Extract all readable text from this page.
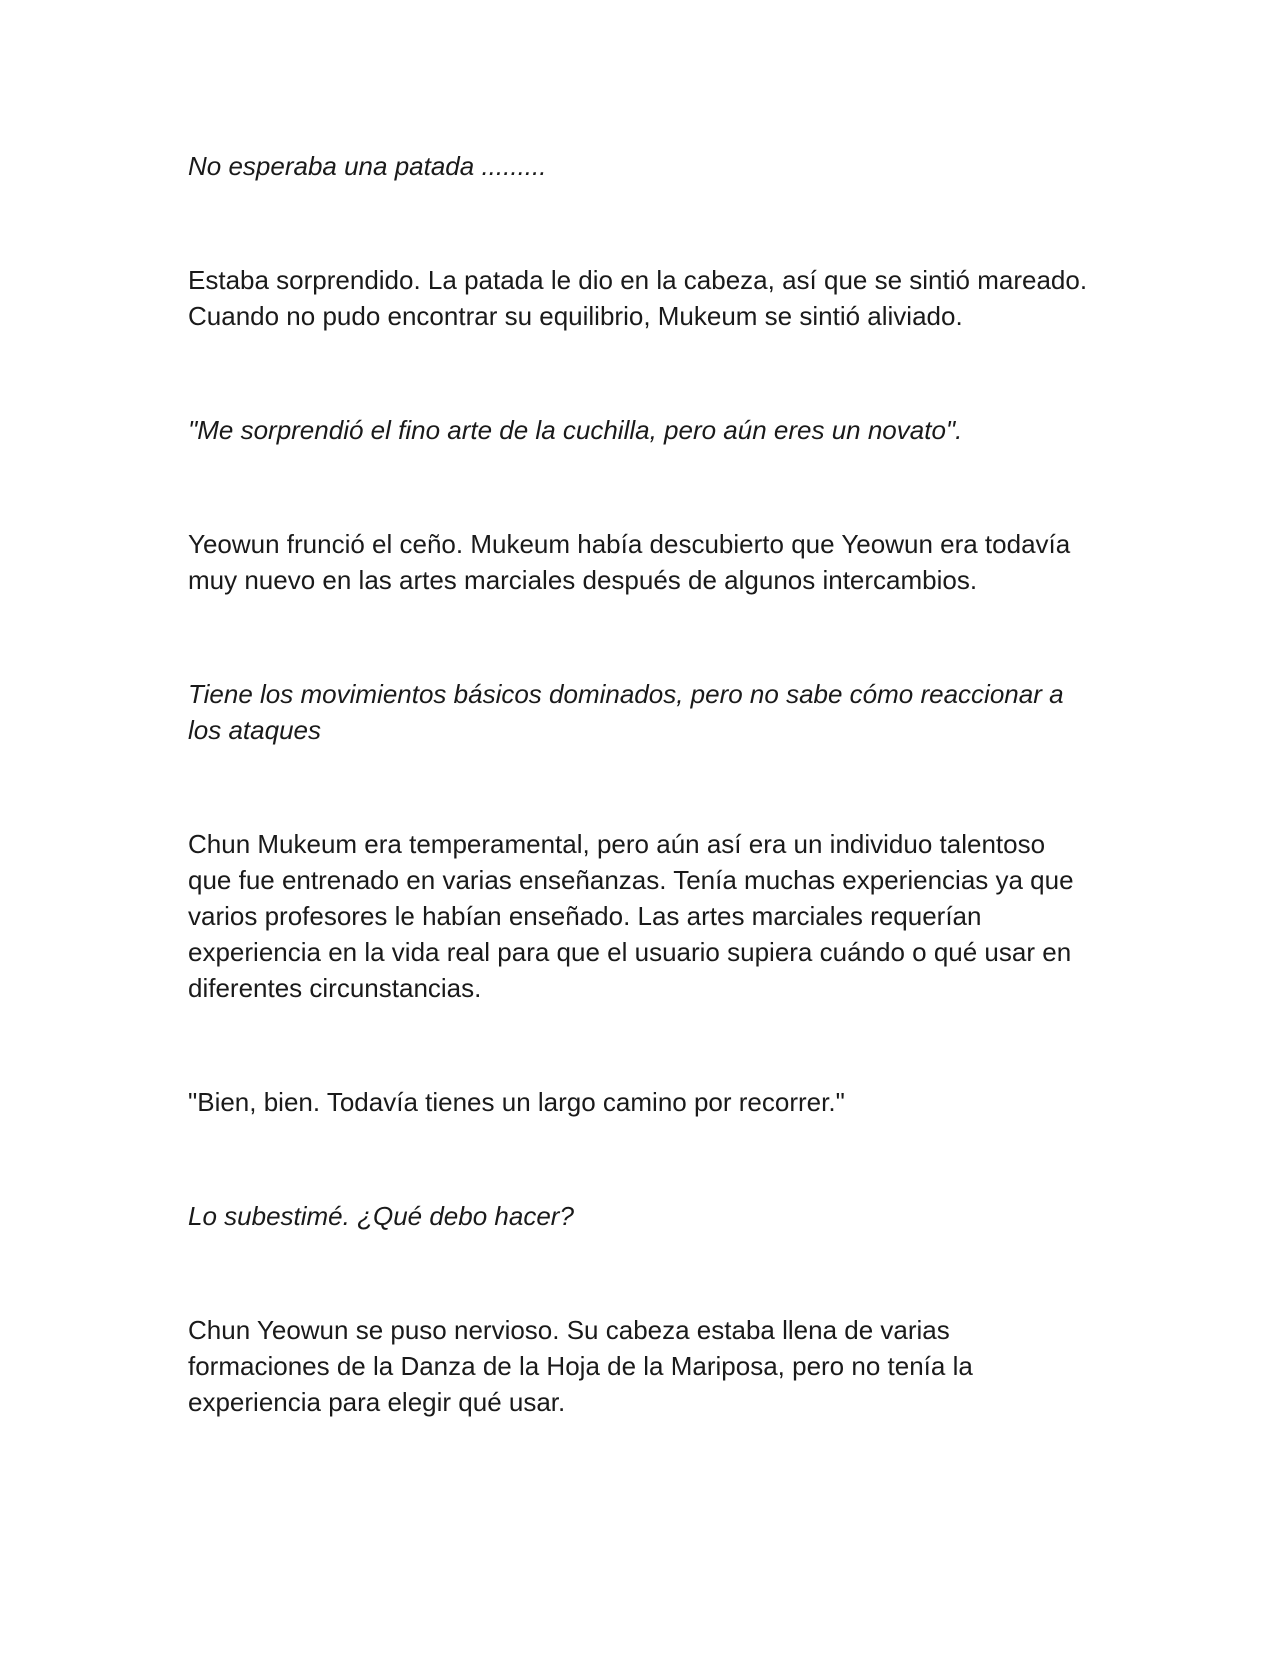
No esperaba una patada .........

Estaba sorprendido. La patada le dio en la cabeza, así que se sintió mareado. Cuando no pudo encontrar su equilibrio, Mukeum se sintió aliviado.

"Me sorprendió el fino arte de la cuchilla, pero aún eres un novato".

Yeowun frunció el ceño. Mukeum había descubierto que Yeowun era todavía muy nuevo en las artes marciales después de algunos intercambios.

Tiene los movimientos básicos dominados, pero no sabe cómo reaccionar a los ataques

Chun Mukeum era temperamental, pero aún así era un individuo talentoso que fue entrenado en varias enseñanzas. Tenía muchas experiencias ya que varios profesores le habían enseñado. Las artes marciales requerían experiencia en la vida real para que el usuario supiera cuándo o qué usar en diferentes circunstancias.

"Bien, bien. Todavía tienes un largo camino por recorrer."

Lo subestimé. ¿Qué debo hacer?

Chun Yeowun se puso nervioso. Su cabeza estaba llena de varias formaciones de la Danza de la Hoja de la Mariposa, pero no tenía la experiencia para elegir qué usar.
